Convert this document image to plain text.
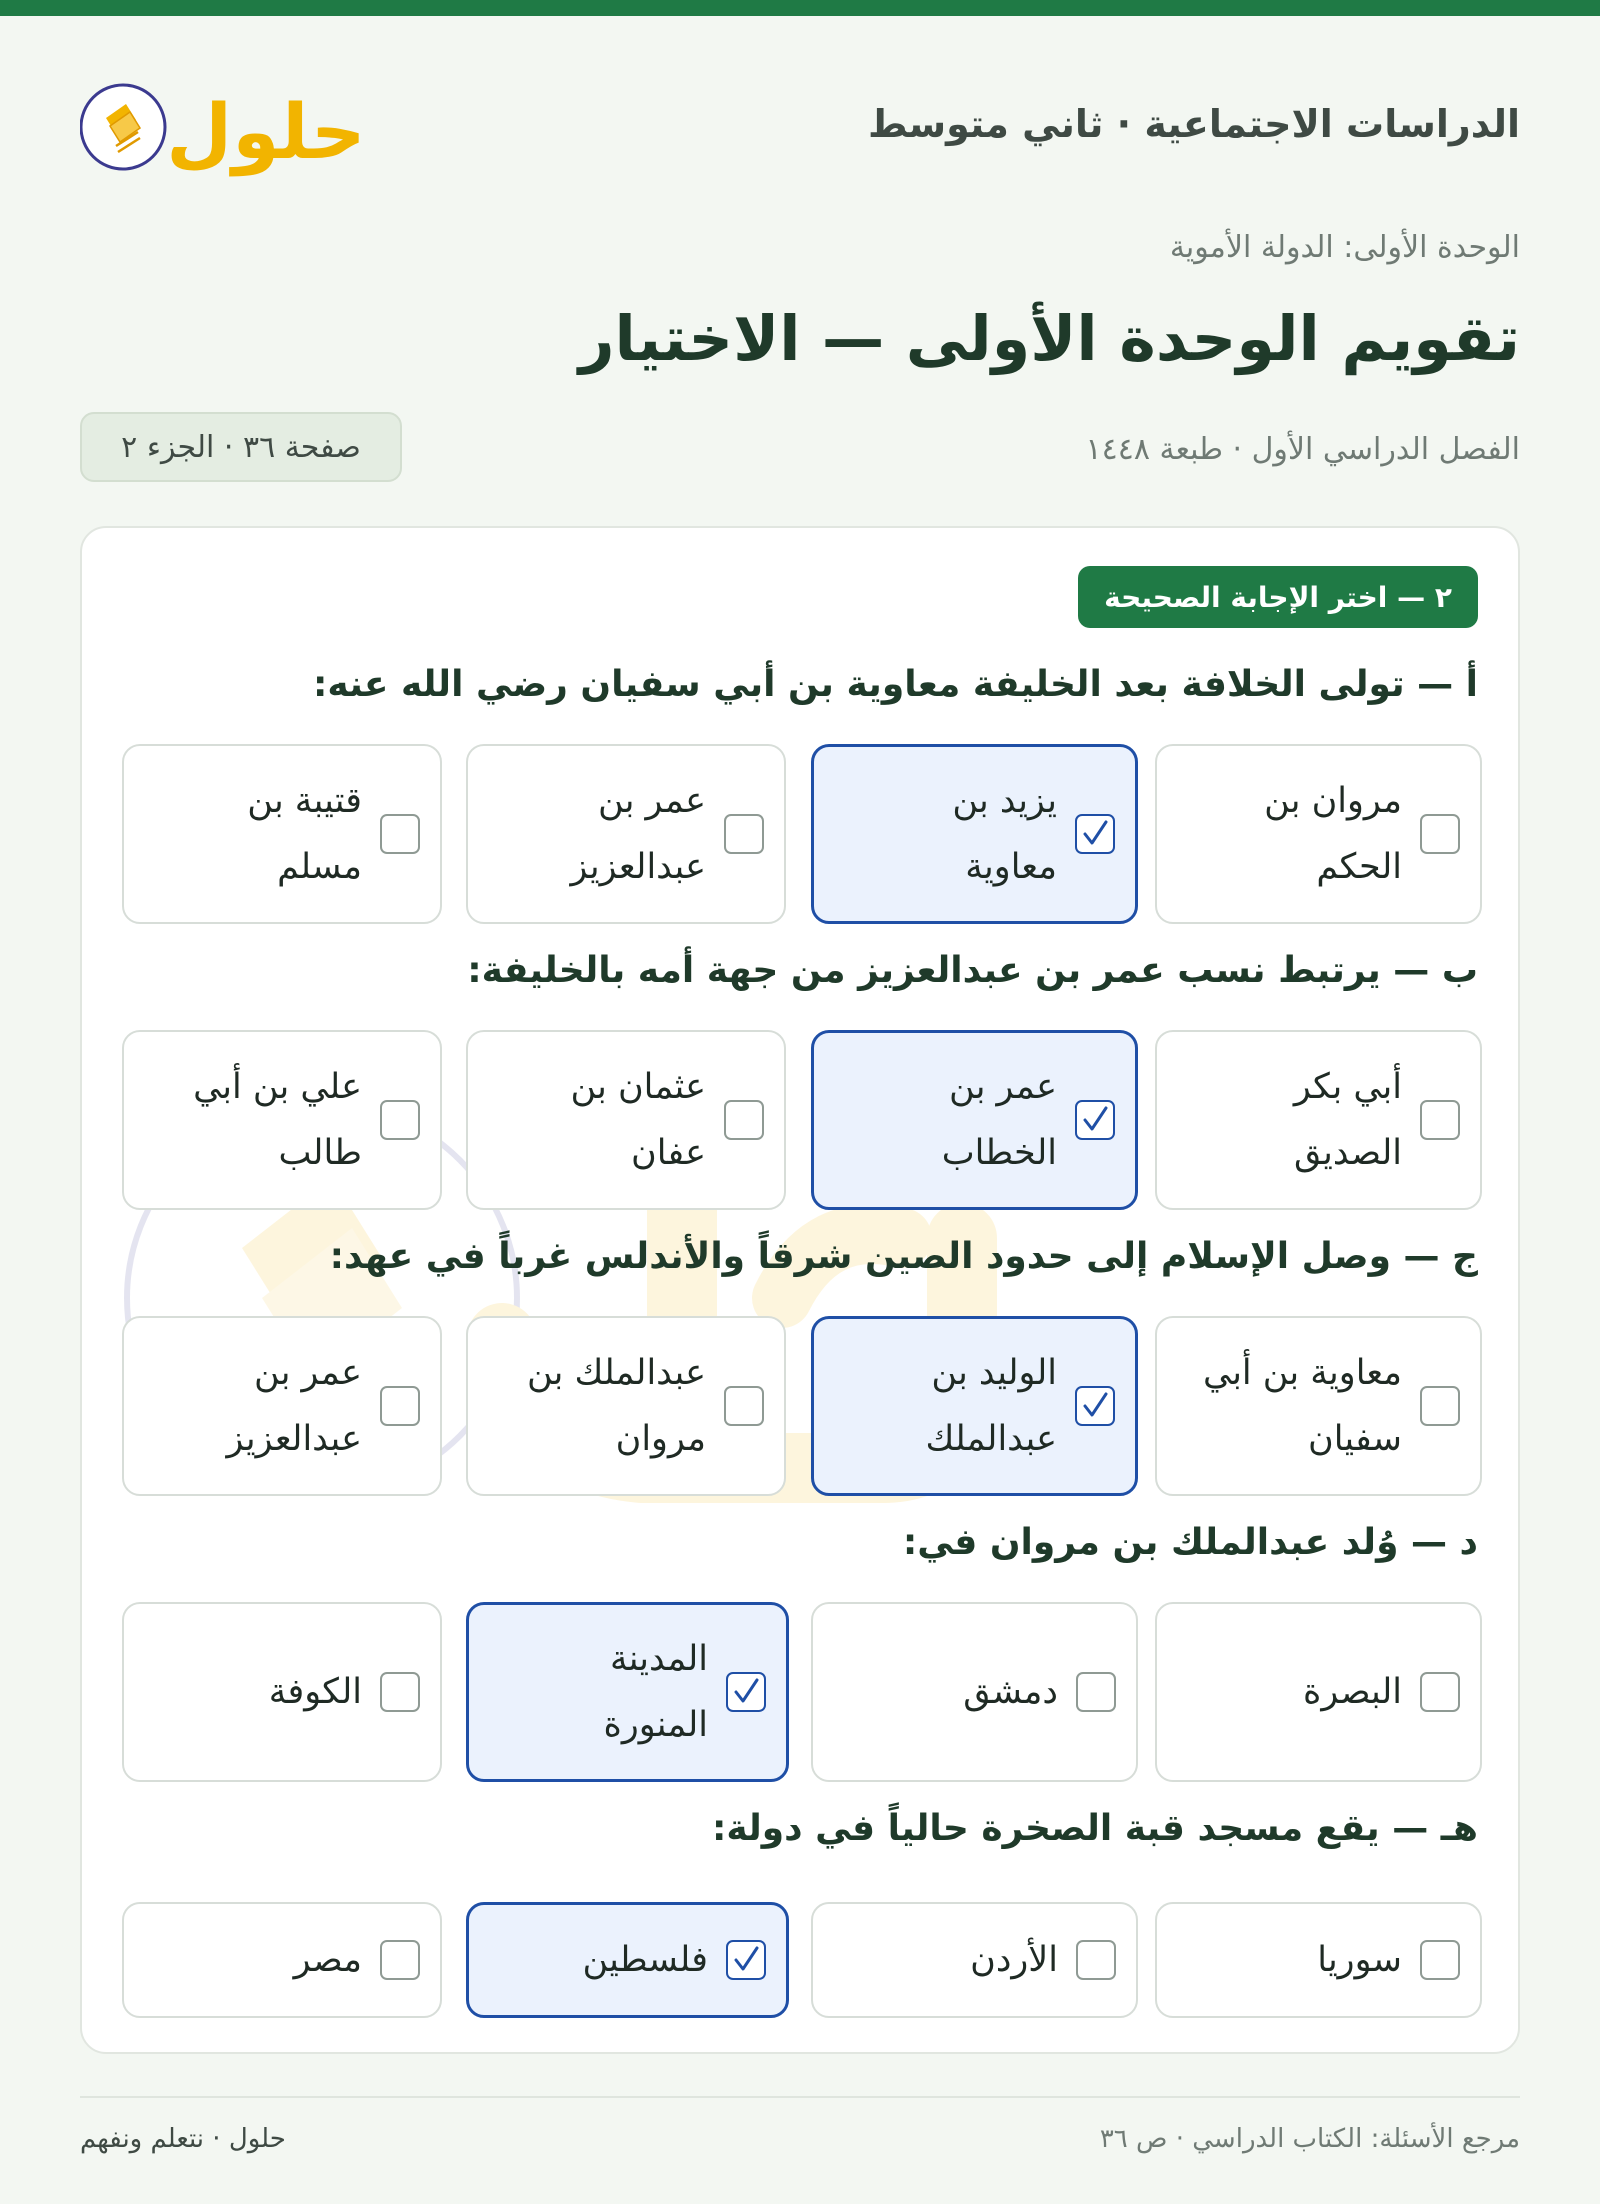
حلول	الدراسات الاجتماعية · ثاني متوسط
الوحدة الأولى: الدولة الأموية
تقويم الوحدة الأولى — الاختيار
الفصل الدراسي الأول · طبعة ١٤٤٨
صفحة ٣٦ · الجزء ٢
٢ — اختر الإجابة الصحيحة
أ — تولى الخلافة بعد الخليفة معاوية بن أبي سفيان رضي الله عنه:
مروان بن الحكم
يزيد بن معاوية
عمر بن عبدالعزيز
قتيبة بن مسلم
ب — يرتبط نسب عمر بن عبدالعزيز من جهة أمه بالخليفة:
أبي بكر الصديق
عمر بن الخطاب
عثمان بن عفان
علي بن أبي طالب
ج — وصل الإسلام إلى حدود الصين شرقاً والأندلس غرباً في عهد:
معاوية بن أبي سفيان
الوليد بن عبدالملك
عبدالملك بن مروان
عمر بن عبدالعزيز
د — وُلد عبدالملك بن مروان في:
البصرة
دمشق
المدينة المنورة
الكوفة
هـ — يقع مسجد قبة الصخرة حالياً في دولة:
سوريا
الأردن
فلسطين
مصر
مرجع الأسئلة: الكتاب الدراسي · ص ٣٦
حلول · نتعلم ونفهم
